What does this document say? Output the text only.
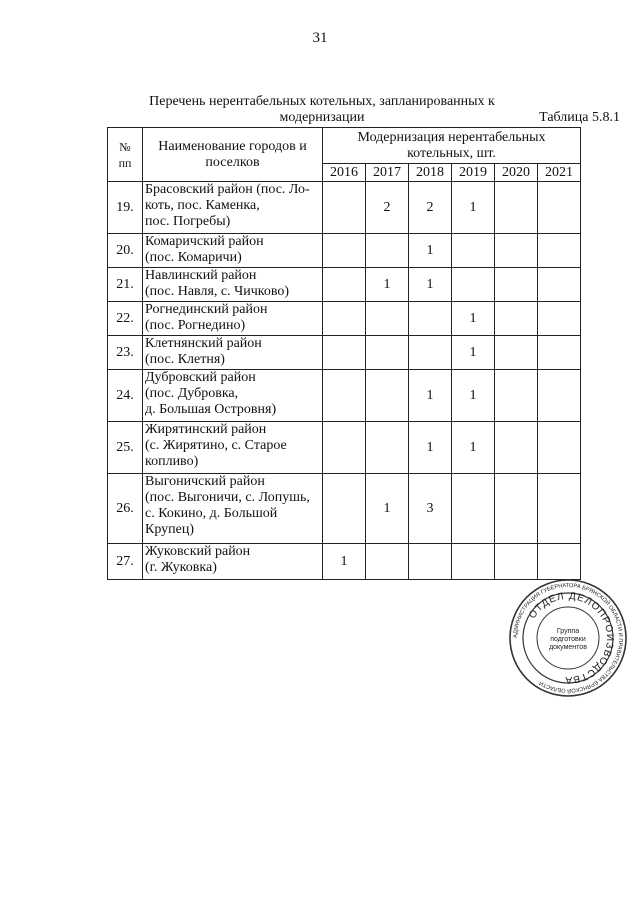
31
Перечень нерентабельных котельных, запланированных к
модернизации	Таблица 5.8.1
№
пп	Наименование городов и поселков	Модернизация нерентабельных котельных, шт.					
		2016	2017	2018	2019	2020	2021
19.	Брасовский район (пос. Ло-
коть, пос. Каменка,
пос. Погребы)		2	2	1		
20.	Комаричский район
(пос. Комаричи)			1			
21.	Навлинский район
(пос. Навля, с. Чичково)		1	1			
22.	Рогнединский район
(пос. Рогнедино)				1		
23.	Клетнянский район
(пос. Клетня)				1		
24.	Дубровский район
(пос. Дубровка,
д. Большая Островня)			1	1		
25.	Жирятинский район
(с. Жирятино, с. Старое
копливо)			1	1		
26.	Выгоничский район
(пос. Выгоничи, с. Лопушь,
с. Кокино, д. Большой
Крупец)		1	3			
27.	Жуковский район
(г. Жуковка)	1					
АДМИНИСТРАЦИЯ ГУБЕРНАТОРА БРЯНСКОЙ ОБЛАСТИ И ПРАВИТЕЛЬСТВА БРЯНСКОЙ ОБЛАСТИ
ОТДЕЛ ДЕЛОПРОИЗВОДСТВА
Группа
подготовки
документов
